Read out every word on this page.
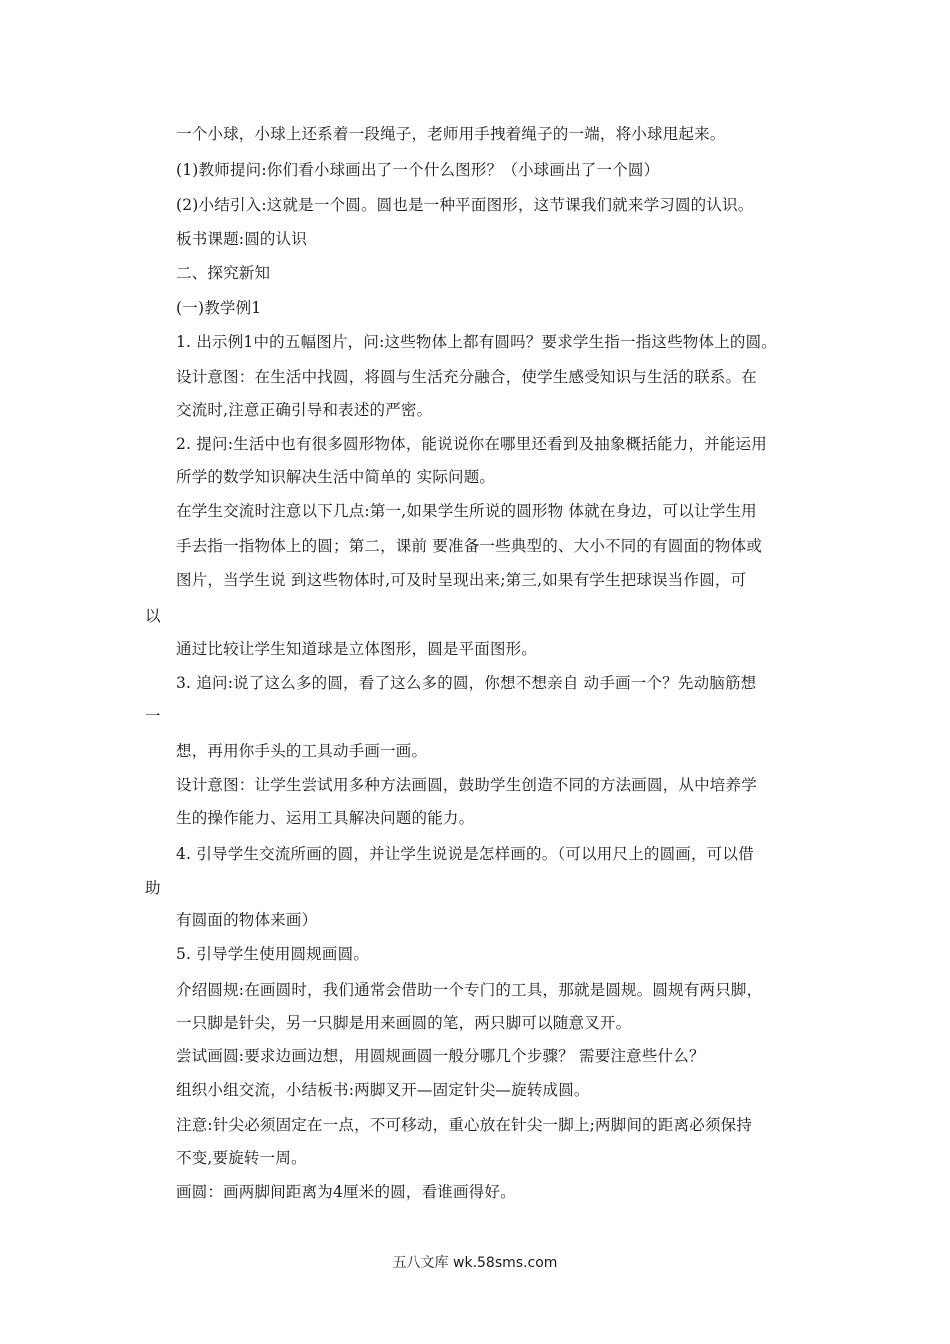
一个小球，小球上还系着一段绳子，老师用手拽着绳子的一端，将小球甩起来。
(1)教师提问:你们看小球画出了一个什么图形？（小球画出了一个圆）
(2)小结引入:这就是一个圆。圆也是一种平面图形，这节课我们就来学习圆的认识。
板书课题:圆的认识
二、探究新知
(一)教学例1
1. 出示例1中的五幅图片，问:这些物体上都有圆吗？要求学生指一指这些物体上的圆。
设计意图：在生活中找圆，将圆与生活充分融合，使学生感受知识与生活的联系。在
交流时,注意正确引导和表述的严密。
2. 提问:生活中也有很多圆形物体，能说说你在哪里还看到及抽象概括能力，并能运用
所学的数学知识解决生活中简单的 实际问题。
在学生交流时注意以下几点:第一,如果学生所说的圆形物 体就在身边，可以让学生用
手去指一指物体上的圆；第二，课前 要准备一些典型的、大小不同的有圆面的物体或
图片，当学生说 到这些物体时,可及时呈现出来;第三,如果有学生把球误当作圆，可
以
通过比较让学生知道球是立体图形，圆是平面图形。
3. 追问:说了这么多的圆，看了这么多的圆，你想不想亲自 动手画一个？先动脑筋想
一
想，再用你手头的工具动手画一画。
设计意图：让学生尝试用多种方法画圆，鼓助学生创造不同的方法画圆，从中培养学
生的操作能力、运用工具解决问题的能力。
4. 引导学生交流所画的圆，并让学生说说是怎样画的。（可以用尺上的圆画，可以借
助
有圆面的物体来画）
5. 引导学生使用圆规画圆。
介绍圆规:在画圆时，我们通常会借助一个专门的工具，那就是圆规。圆规有两只脚，
一只脚是针尖，另一只脚是用来画圆的笔，两只脚可以随意叉开。
尝试画圆:要求边画边想，用圆规画圆一般分哪几个步骤？ 需要注意些什么？
组织小组交流，小结板书:两脚叉开—固定针尖—旋转成圆。
注意:针尖必须固定在一点，不可移动，重心放在针尖一脚上;两脚间的距离必须保持
不变,要旋转一周。
画圆：画两脚间距离为4厘米的圆，看谁画得好。
五八文库 wk.58sms.com
